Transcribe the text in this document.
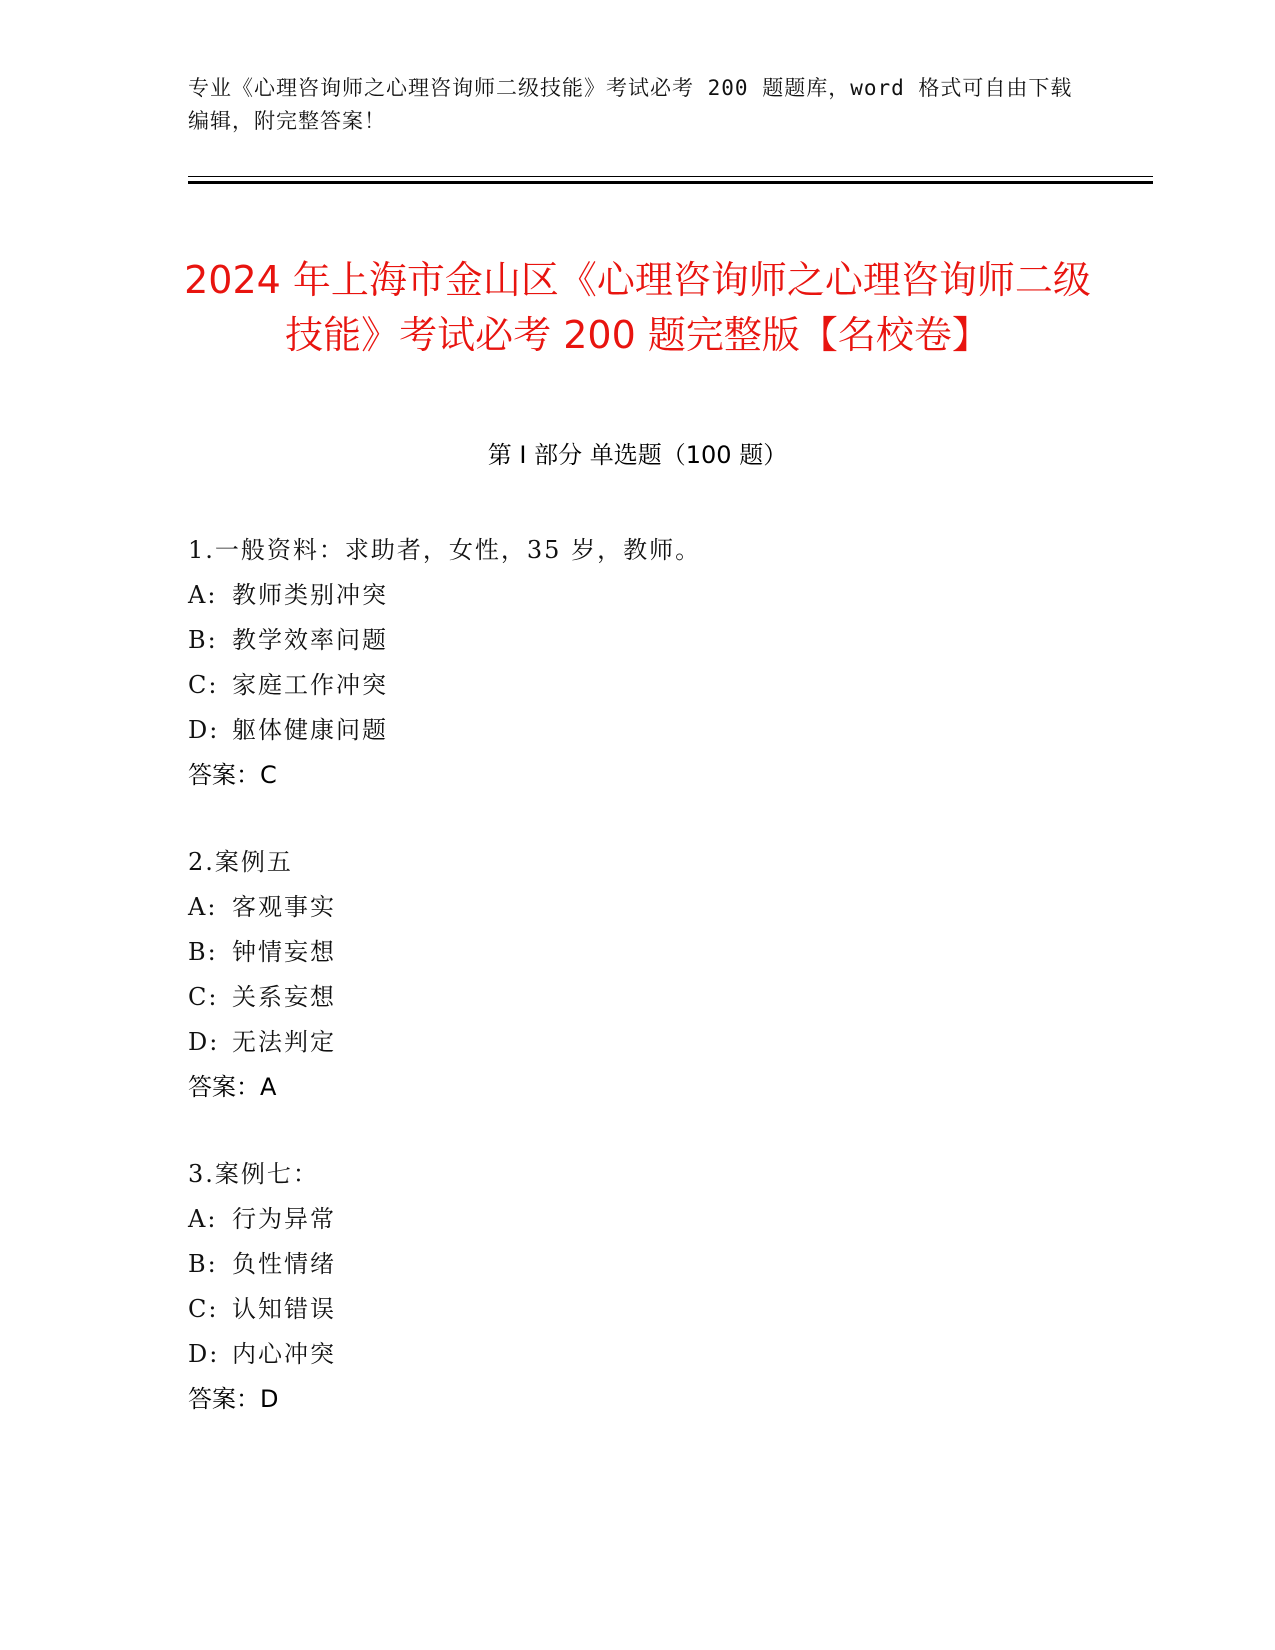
专业《心理咨询师之心理咨询师二级技能》考试必考 200 题题库，word 格式可自由下载编辑，附完整答案！
2024 年上海市金山区《心理咨询师之心理咨询师二级技能》考试必考 200 题完整版【名校卷】
第 I 部分 单选题（100 题）
1.一般资料：求助者，女性，35 岁，教师。
A: 教师类别冲突
B: 教学效率问题
C: 家庭工作冲突
D: 躯体健康问题
答案：C
2.案例五
A: 客观事实
B: 钟情妄想
C: 关系妄想
D: 无法判定
答案：A
3.案例七：
A: 行为异常
B: 负性情绪
C: 认知错误
D: 内心冲突
答案：D
